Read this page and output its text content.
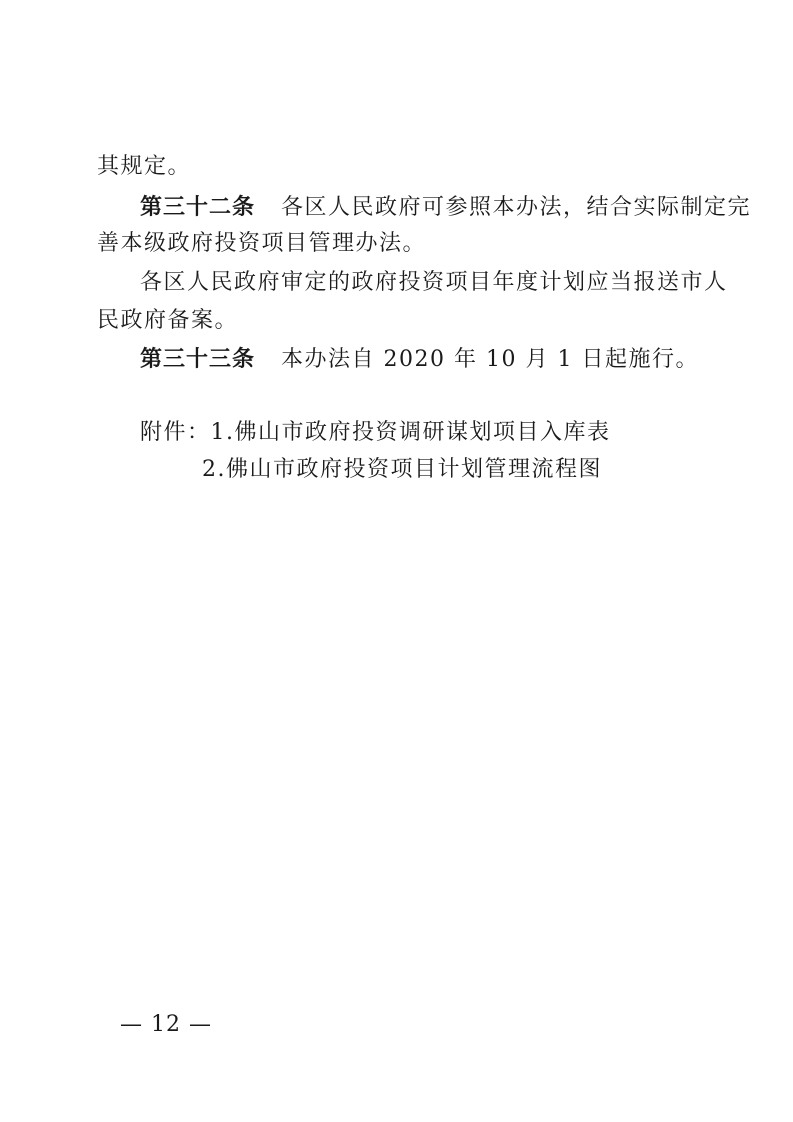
其规定。
第三十二条 各区人民政府可参照本办法，结合实际制定完
善本级政府投资项目管理办法。
各区人民政府审定的政府投资项目年度计划应当报送市人
民政府备案。
第三十三条 本办法自 2020 年 10 月 1 日起施行。
附件：1.佛山市政府投资调研谋划项目入库表
2.佛山市政府投资项目计划管理流程图
— 12 —
